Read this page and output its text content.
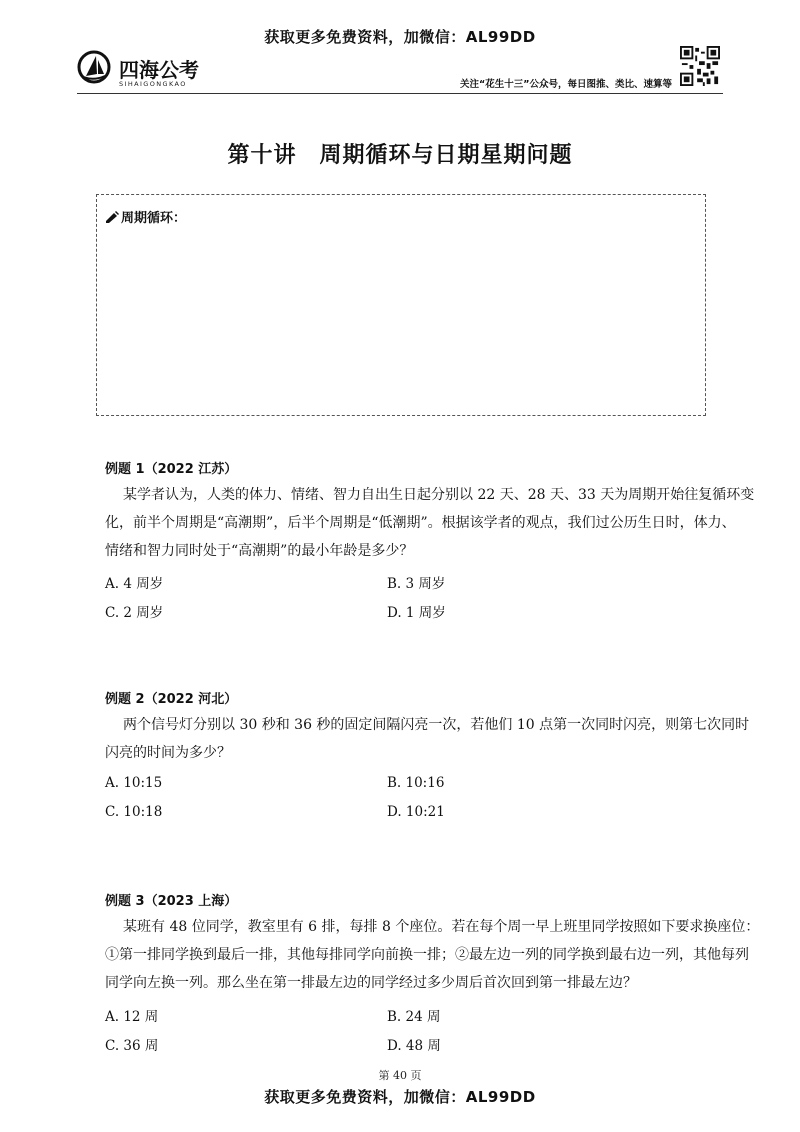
获取更多免费资料，加微信：AL99DD
四海公考
SIHAIGONGKAO	关注“花生十三”公众号，每日图推、类比、速算等
第十讲　周期循环与日期星期问题
周期循环：
例题 1（2022 江苏）
某学者认为，人类的体力、情绪、智力自出生日起分别以 22 天、28 天、33 天为周期开始往复循环变
化，前半个周期是“高潮期”，后半个周期是“低潮期”。根据该学者的观点，我们过公历生日时，体力、
情绪和智力同时处于“高潮期”的最小年龄是多少？
A. 4 周岁	B. 3 周岁
C. 2 周岁	D. 1 周岁
例题 2（2022 河北）
两个信号灯分别以 30 秒和 36 秒的固定间隔闪亮一次，若他们 10 点第一次同时闪亮，则第七次同时
闪亮的时间为多少？
A. 10:15	B. 10:16
C. 10:18	D. 10:21
例题 3（2023 上海）
某班有 48 位同学，教室里有 6 排，每排 8 个座位。若在每个周一早上班里同学按照如下要求换座位：
①第一排同学换到最后一排，其他每排同学向前换一排；②最左边一列的同学换到最右边一列，其他每列
同学向左换一列。那么坐在第一排最左边的同学经过多少周后首次回到第一排最左边？
A. 12 周	B. 24 周
C. 36 周	D. 48 周
第 40 页
获取更多免费资料，加微信：AL99DD
